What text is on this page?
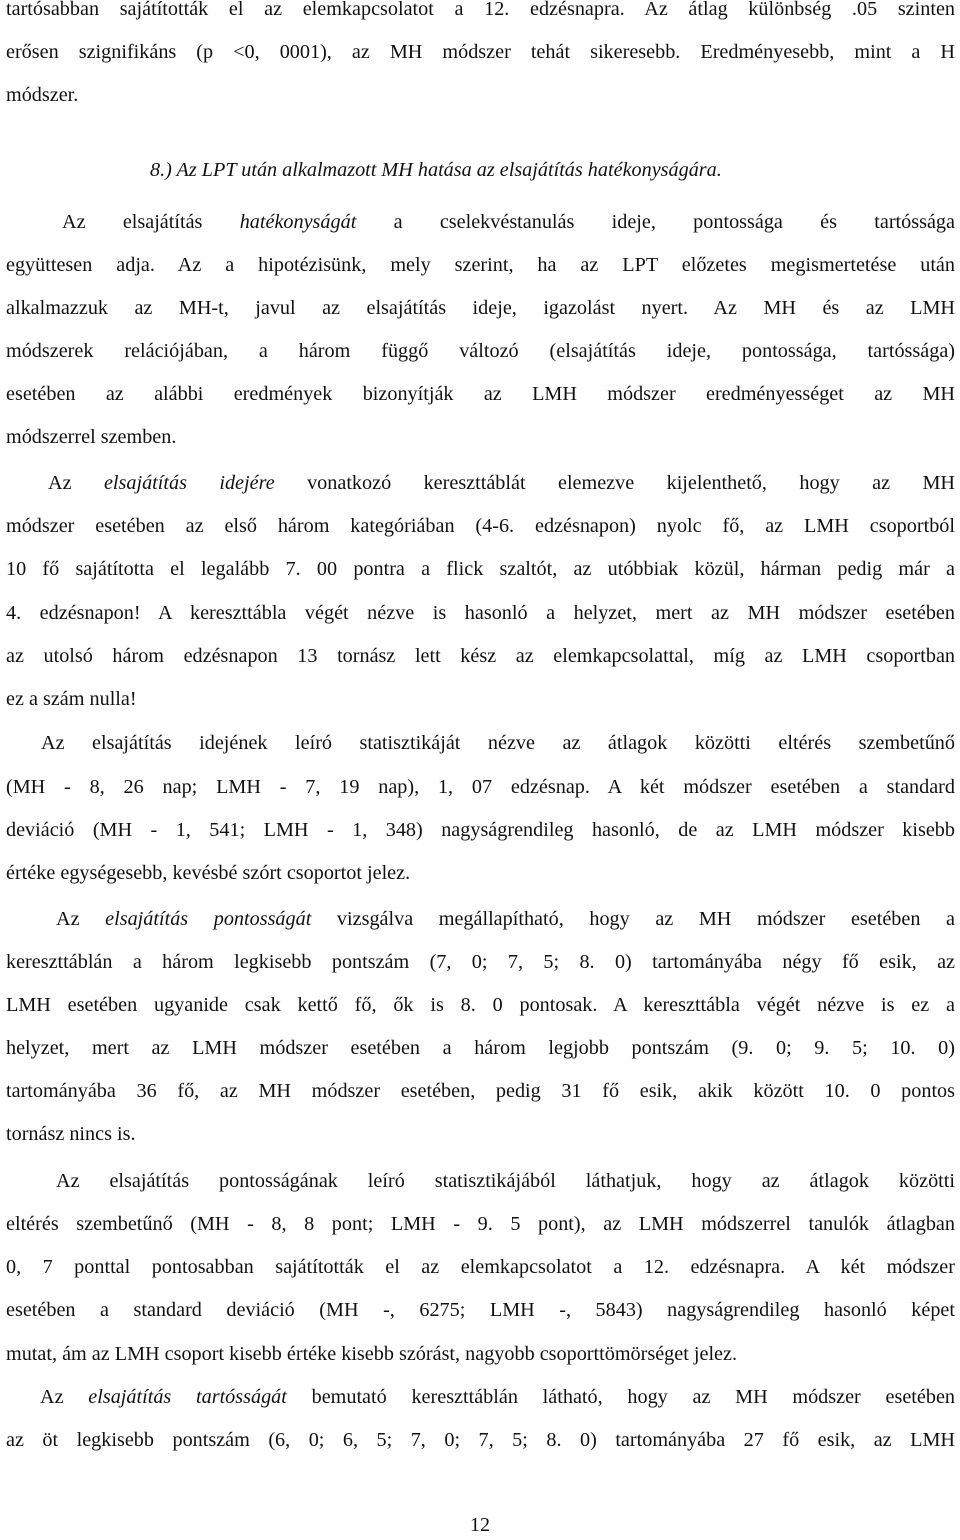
tartósabban sajátították el az elemkapcsolatot a 12. edzésnapra. Az átlag különbség .05 szinten
erősen szignifikáns (p <0, 0001), az MH módszer tehát sikeresebb. Eredményesebb, mint a H
módszer.
8.) Az LPT után alkalmazott MH hatása az elsajátítás hatékonyságára.
Az elsajátítás hatékonyságát a cselekvéstanulás ideje, pontossága és tartóssága
együttesen adja. Az a hipotézisünk, mely szerint, ha az LPT előzetes megismertetése után
alkalmazzuk az MH-t, javul az elsajátítás ideje, igazolást nyert. Az MH és az LMH
módszerek relációjában, a három függő változó (elsajátítás ideje, pontossága, tartóssága)
esetében az alábbi eredmények bizonyítják az LMH módszer eredményességet az MH
módszerrel szemben.
Az elsajátítás idejére vonatkozó kereszttáblát elemezve kijelenthető, hogy az MH
módszer esetében az első három kategóriában (4-6. edzésnapon) nyolc fő, az LMH csoportból
10 fő sajátította el legalább 7. 00 pontra a flick szaltót, az utóbbiak közül, hárman pedig már a
4. edzésnapon! A kereszttábla végét nézve is hasonló a helyzet, mert az MH módszer esetében
az utolsó három edzésnapon 13 tornász lett kész az elemkapcsolattal, míg az LMH csoportban
ez a szám nulla!
Az elsajátítás idejének leíró statisztikáját nézve az átlagok közötti eltérés szembetűnő
(MH - 8, 26 nap; LMH - 7, 19 nap), 1, 07 edzésnap. A két módszer esetében a standard
deviáció (MH - 1, 541; LMH - 1, 348) nagyságrendileg hasonló, de az LMH módszer kisebb
értéke egységesebb, kevésbé szórt csoportot jelez.
Az elsajátítás pontosságát vizsgálva megállapítható, hogy az MH módszer esetében a
kereszttáblán a három legkisebb pontszám (7, 0; 7, 5; 8. 0) tartományába négy fő esik, az
LMH esetében ugyanide csak kettő fő, ők is 8. 0 pontosak. A kereszttábla végét nézve is ez a
helyzet, mert az LMH módszer esetében a három legjobb pontszám (9. 0; 9. 5; 10. 0)
tartományába 36 fő, az MH módszer esetében, pedig 31 fő esik, akik között 10. 0 pontos
tornász nincs is.
Az elsajátítás pontosságának leíró statisztikájából láthatjuk, hogy az átlagok közötti
eltérés szembetűnő (MH - 8, 8 pont; LMH - 9. 5 pont), az LMH módszerrel tanulók átlagban
0, 7 ponttal pontosabban sajátították el az elemkapcsolatot a 12. edzésnapra. A két módszer
esetében a standard deviáció (MH -, 6275; LMH -, 5843) nagyságrendileg hasonló képet
mutat, ám az LMH csoport kisebb értéke kisebb szórást, nagyobb csoporttömörséget jelez.
Az elsajátítás tartósságát bemutató kereszttáblán látható, hogy az MH módszer esetében
az öt legkisebb pontszám (6, 0; 6, 5; 7, 0; 7, 5; 8. 0) tartományába 27 fő esik, az LMH
12
